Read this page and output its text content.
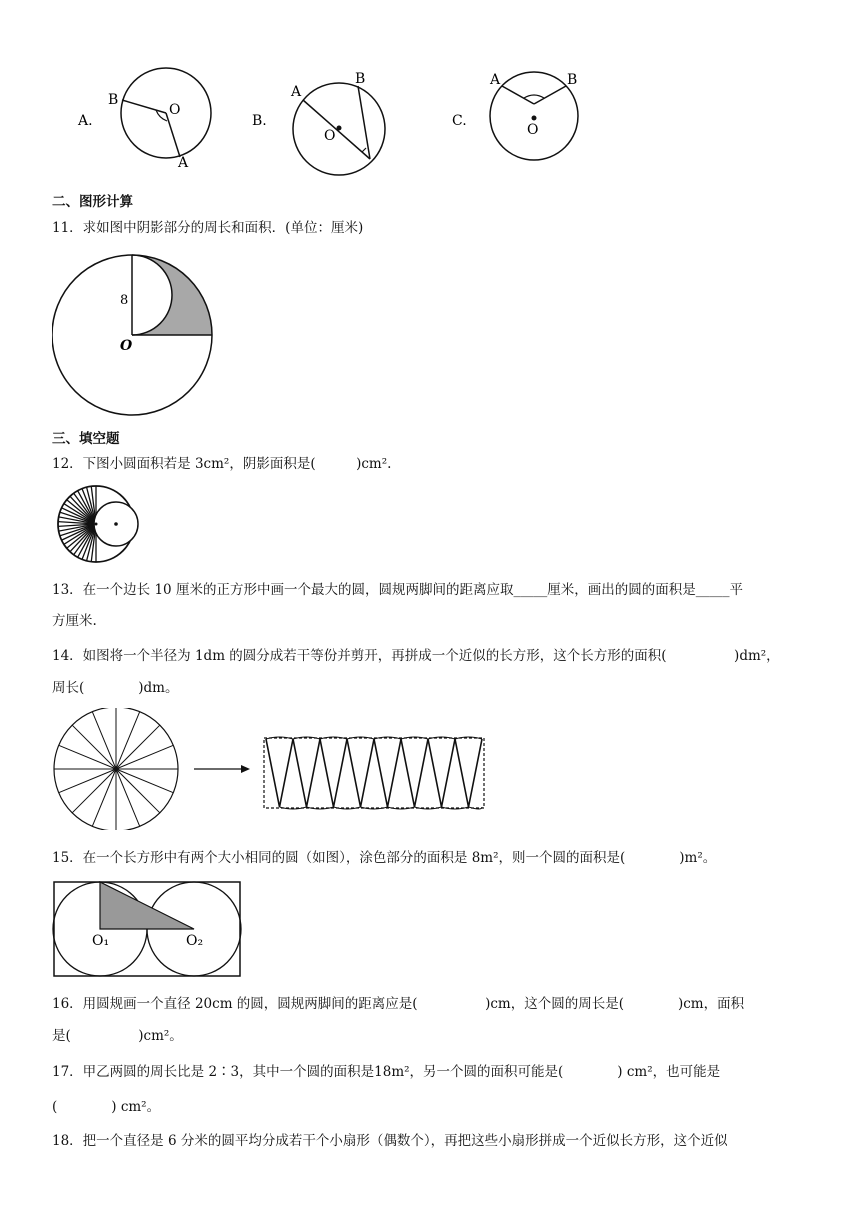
A.
B
O
A
B.
A
B
O
C.
A	B
O
二、图形计算
11．求如图中阴影部分的周长和面积．(单位：厘米)
8
O
三、填空题
12．下图小圆面积若是 3cm²，阴影面积是(　　　)cm².
13．在一个边长 10 厘米的正方形中画一个最大的圆，圆规两脚间的距离应取_____厘米，画出的圆的面积是_____平
方厘米.
14．如图将一个半径为 1dm 的圆分成若干等份并剪开，再拼成一个近似的长方形，这个长方形的面积(　　　　　)dm²，
周长(　　　　)dm。
15．在一个长方形中有两个大小相同的圆（如图），涂色部分的面积是 8m²，则一个圆的面积是(　　　　)m²。
O₁	O₂
16．用圆规画一个直径 20cm 的圆，圆规两脚间的距离应是(　　　　　)cm，这个圆的周长是(　　　　)cm，面积
是(　　　　　)cm²。
17．甲乙两圆的周长比是 2∶3，其中一个圆的面积是18m²，另一个圆的面积可能是(　　　　) cm²，也可能是
(　　　　) cm²。
18．把一个直径是 6 分米的圆平均分成若干个小扇形（偶数个），再把这些小扇形拼成一个近似长方形，这个近似
